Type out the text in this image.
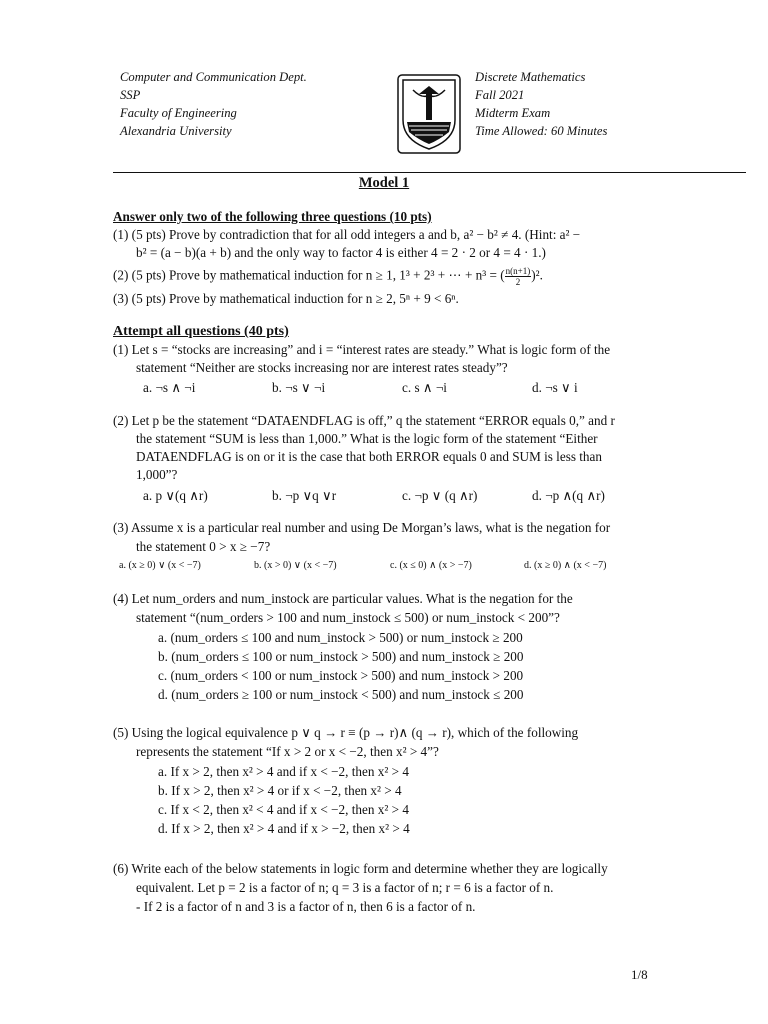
Computer and Communication Dept.
SSP
Faculty of Engineering
Alexandria University
Discrete Mathematics
Fall 2021
Midterm Exam
Time Allowed: 60 Minutes
Model 1
Answer only two of the following three questions (10 pts)
(1) (5 pts) Prove by contradiction that for all odd integers a and b, a² − b² ≠ 4. (Hint: a² −
b² = (a − b)(a + b) and the only way to factor 4 is either 4 = 2 · 2 or 4 = 4 · 1.)
(2) (5 pts) Prove by mathematical induction for n ≥ 1, 1³ + 2³ + ⋯ + n³ = ( $\frac{n(n+1)}{2} )^2$.
(3) (5 pts) Prove by mathematical induction for n ≥ 2, 5ⁿ + 9 < 6ⁿ.
Attempt all questions (40 pts)
(1) Let s = “stocks are increasing” and i = “interest rates are steady.” What is logic form of the
statement “Neither are stocks increasing nor are interest rates steady”?
a. ¬s ∧ ¬i	b. ¬s ∨ ¬i	c. s ∧ ¬i	d. ¬s ∨ i
(2) Let p be the statement “DATAENDFLAG is off,” q the statement “ERROR equals 0,” and r
the statement “SUM is less than 1,000.” What is the logic form of the statement “Either
DATAENDFLAG is on or it is the case that both ERROR equals 0 and SUM is less than
1,000”?
a. p ∨(q ∧r)	b. ¬p ∨q ∨r	c. ¬p ∨ (q ∧r)	d. ¬p ∧(q ∧r)
(3) Assume x is a particular real number and using De Morgan’s laws, what is the negation for
the statement 0 > x ≥ −7?
a. (x ≥ 0) ∨ (x < −7)	b. (x > 0) ∨ (x < −7)	c. (x ≤ 0) ∧ (x > −7)	d. (x ≥ 0) ∧ (x < −7)
(4) Let num_orders and num_instock are particular values. What is the negation for the
statement “(num_orders > 100 and num_instock ≤ 500) or num_instock < 200”?
a. (num_orders ≤ 100 and num_instock > 500) or num_instock ≥ 200
b. (num_orders ≤ 100 or num_instock > 500) and num_instock ≥ 200
c. (num_orders < 100 or num_instock > 500) and num_instock > 200
d. (num_orders ≥ 100 or num_instock < 500) and num_instock ≤ 200
(5) Using the logical equivalence p ∨ q → r ≡ (p → r)∧ (q → r), which of the following
represents the statement “If x > 2 or x < −2, then x² > 4”?
a. If x > 2, then x² > 4 and if x < −2, then x² > 4
b. If x > 2, then x² > 4 or if x < −2, then x² > 4
c. If x < 2, then x² < 4 and if x < −2, then x² > 4
d. If x > 2, then x² > 4 and if x > −2, then x² > 4
(6) Write each of the below statements in logic form and determine whether they are logically
equivalent. Let p = 2 is a factor of n; q = 3 is a factor of n; r = 6 is a factor of n.
- If 2 is a factor of n and 3 is a factor of n, then 6 is a factor of n.
1/8
